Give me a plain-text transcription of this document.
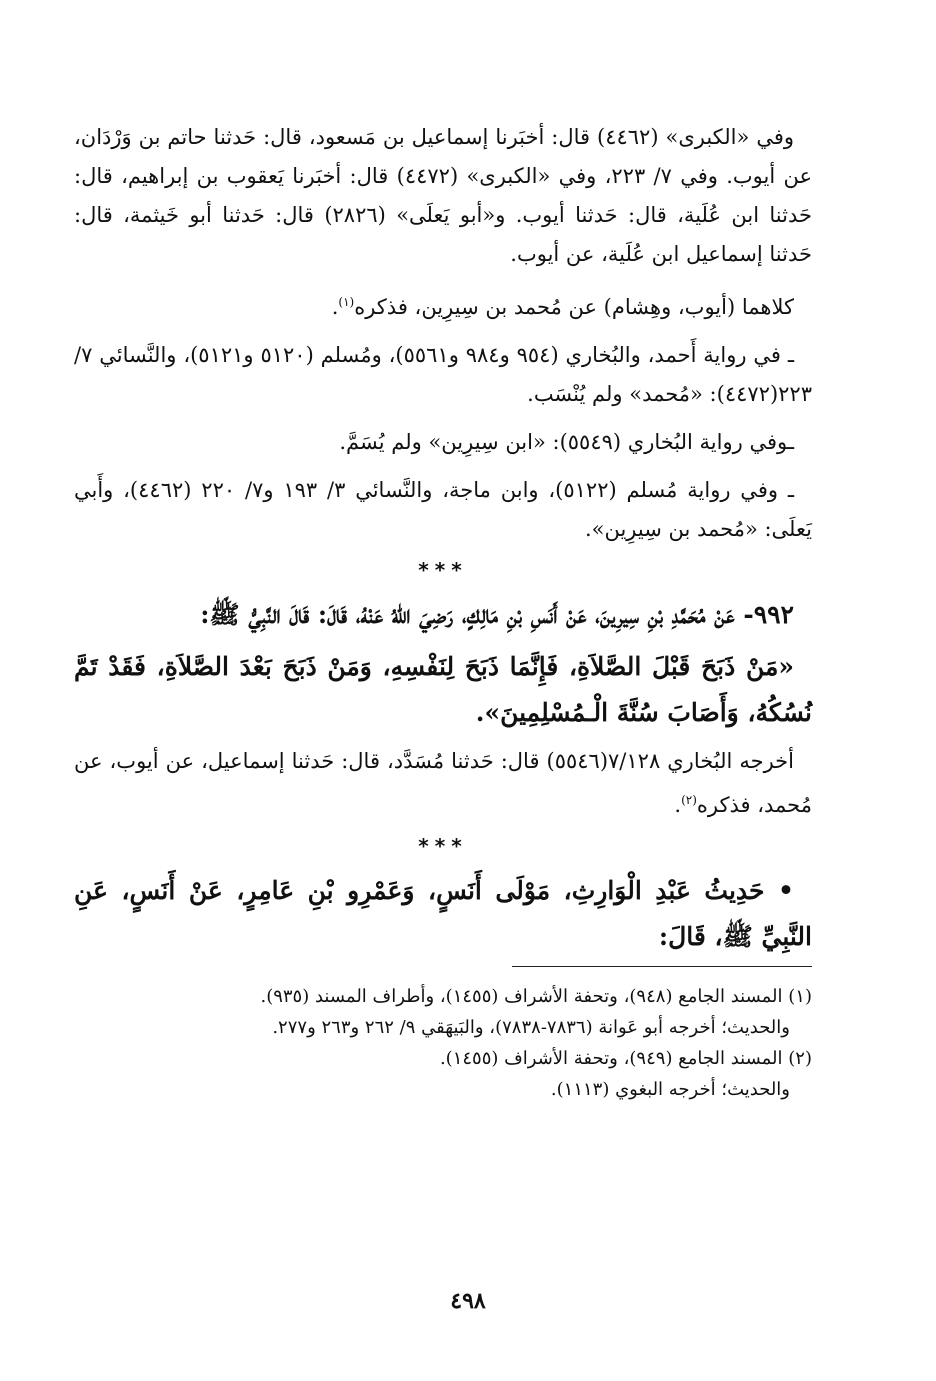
وفي «الكبرى» (٤٤٦٢) قال: أخبَرنا إسماعيل بن مَسعود، قال: حَدثنا حاتم بن وَرْدَان، عن أيوب. وفي ٧/ ٢٢٣، وفي «الكبرى» (٤٤٧٢) قال: أخبَرنا يَعقوب بن إبراهيم، قال: حَدثنا ابن عُلَية، قال: حَدثنا أيوب. و«أبو يَعلَى» (٢٨٢٦) قال: حَدثنا أبو خَيثمة، قال: حَدثنا إسماعيل ابن عُلَية، عن أيوب.

كلاهما (أيوب، وهِشام) عن مُحمد بن سِيرِين، فذكره$^{(١)}$.

ـ في رواية أَحمد، والبُخاري (٩٥٤ و٩٨٤ و٥٥٦١)، ومُسلم (٥١٢٠ و٥١٢١)، والنَّسائي ٧/ ٢٢٣(٤٤٧٢): «مُحمد» ولم يُنْسَب.

ـوفي رواية البُخاري (٥٥٤٩): «ابن سِيرِين» ولم يُسَمَّ.

ـ وفي رواية مُسلم (٥١٢٢)، وابن ماجة، والنَّسائي ٣/ ١٩٣ و٧/ ٢٢٠ (٤٤٦٢)، وأَبي يَعلَى: «مُحمد بن سِيرِين».

***

٩٩٢- عَنْ مُحَمَّدِ بْنِ سِيرِينَ، عَنْ أَنَسِ بْنِ مَالِكٍ، رَضِيَ اللهُ عَنْهُ، قَالَ: قَالَ النَّبِيُّ ﷺ:

«مَنْ ذَبَحَ قَبْلَ الصَّلاَةِ، فَإِنَّمَا ذَبَحَ لِنَفْسِهِ، وَمَنْ ذَبَحَ بَعْدَ الصَّلاَةِ، فَقَدْ تَمَّ نُسُكُهُ، وَأَصَابَ سُنَّةَ الْـمُسْلِمِينَ».

أخرجه البُخاري ٧/١٢٨(٥٥٤٦) قال: حَدثنا مُسَدَّد، قال: حَدثنا إسماعيل، عن أيوب، عن مُحمد، فذكره$^{(٢)}$.

***

• حَدِيثُ عَبْدِ الْوَارِثِ، مَوْلَى أَنَسٍ، وَعَمْرِو بْنِ عَامِرٍ، عَنْ أَنَسٍ، عَنِ النَّبِيِّ ﷺ، قَالَ:

(١) المسند الجامع (٩٤٨)، وتحفة الأشراف (١٤٥٥)، وأطراف المسند (٩٣٥).

والحديث؛ أخرجه أبو عَوانة (٧٨٣٦-٧٨٣٨)، والبَيهَقي ٩/ ٢٦٢ و٢٦٣ و٢٧٧.

(٢) المسند الجامع (٩٤٩)، وتحفة الأشراف (١٤٥٥).

والحديث؛ أخرجه البغوي (١١١٣).

٤٩٨
